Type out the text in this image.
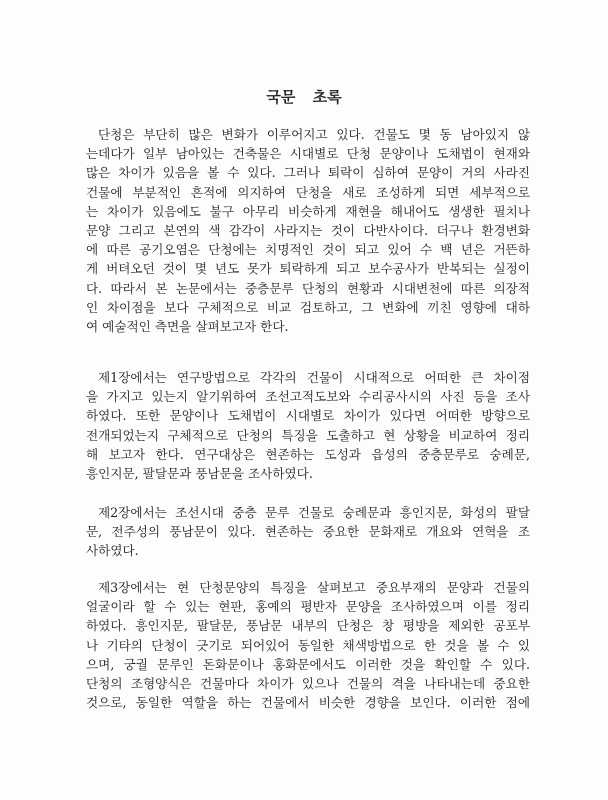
국문 초록
단청은 부단히 많은 변화가 이루어지고 있다. 건물도 몇 동 남아있지 않
는데다가 일부 남아있는 건축물은 시대별로 단청 문양이나 도채법이 현재와
많은 차이가 있음을 볼 수 있다. 그러나 퇴락이 심하여 문양이 거의 사라진
건물에 부분적인 흔적에 의지하여 단청을 새로 조성하게 되면 세부적으로
는 차이가 있음에도 불구 아무리 비슷하게 재현을 해내어도 생생한 필치나
문양 그리고 본연의 색 감각이 사라지는 것이 다반사이다. 더구나 환경변화
에 따른 공기오염은 단청에는 치명적인 것이 되고 있어 수 백 년은 거뜬하
게 버텨오던 것이 몇 년도 못가 퇴락하게 되고 보수공사가 반복되는 실정이
다. 따라서 본 논문에서는 중층문루 단청의 현황과 시대변천에 따른 의장적
인 차이점을 보다 구체적으로 비교 검토하고, 그 변화에 끼친 영향에 대하
여 예술적인 측면을 살펴보고자 한다.
제1장에서는 연구방법으로 각각의 건물이 시대적으로 어떠한 큰 차이점
을 가지고 있는지 알기위하여 조선고적도보와 수리공사시의 사진 등을 조사
하였다. 또한 문양이나 도채법이 시대별로 차이가 있다면 어떠한 방향으로
전개되었는지 구체적으로 단청의 특징을 도출하고 현 상황을 비교하여 정리
해 보고자 한다. 연구대상은 현존하는 도성과 읍성의 중층문루로 숭례문,
흥인지문, 팔달문과 풍남문을 조사하였다.
제2장에서는 조선시대 중층 문루 건물로 숭례문과 흥인지문, 화성의 팔달
문, 전주성의 풍남문이 있다. 현존하는 중요한 문화재로 개요와 연혁을 조
사하였다.
제3장에서는 현 단청문양의 특징을 살펴보고 중요부재의 문양과 건물의
얼굴이라 할 수 있는 현판, 홍예의 평반자 문양을 조사하였으며 이를 정리
하였다. 흥인지문, 팔달문, 풍남문 내부의 단청은 창 평방을 제외한 공포부
나 기타의 단청이 긋기로 되어있어 동일한 채색방법으로 한 것을 볼 수 있
으며, 궁궐 문루인 돈화문이나 홍화문에서도 이러한 것을 확인할 수 있다.
단청의 조형양식은 건물마다 차이가 있으나 건물의 격을 나타내는데 중요한
것으로, 동일한 역할을 하는 건물에서 비슷한 경향을 보인다. 이러한 점에
